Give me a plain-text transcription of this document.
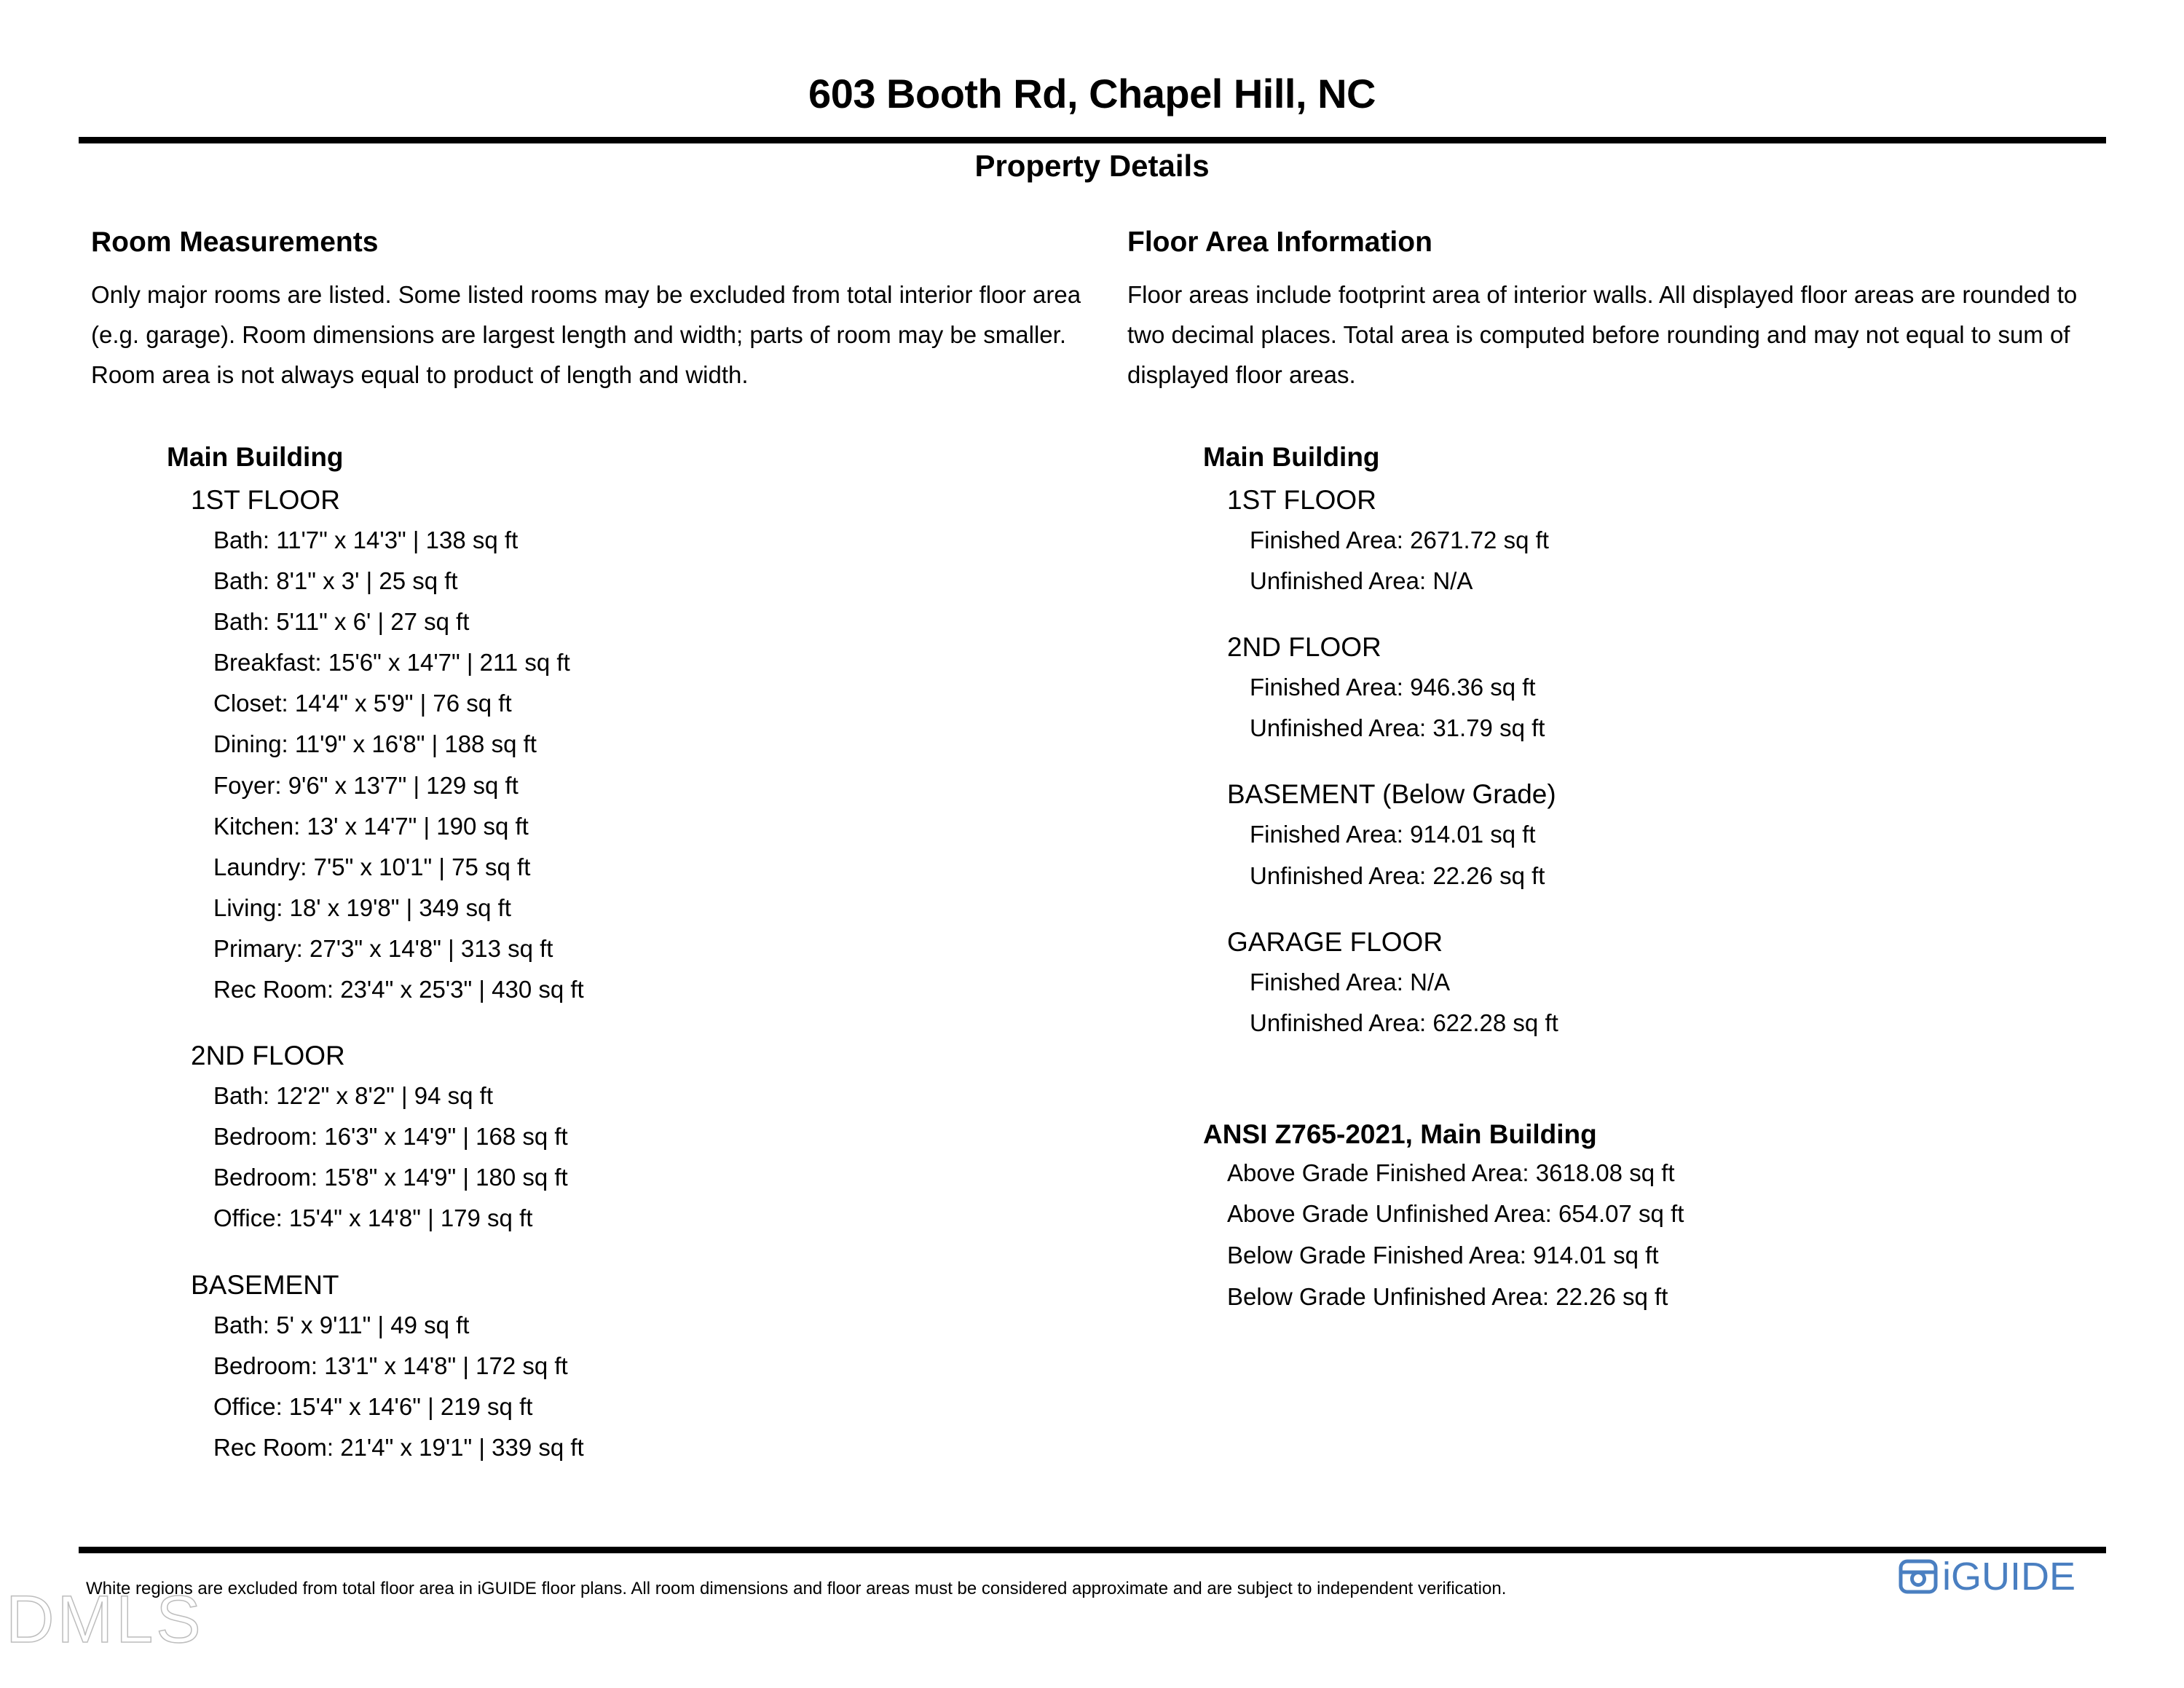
603 Booth Rd, Chapel Hill, NC
Property Details
Room Measurements

Only major rooms are listed. Some listed rooms may be excluded from total interior floor area (e.g. garage). Room dimensions are largest length and width; parts of room may be smaller. Room area is not always equal to product of length and width.

Main Building
1ST FLOOR
Bath: 11'7" x 14'3" | 138 sq ft
Bath: 8'1" x 3' | 25 sq ft
Bath: 5'11" x 6' | 27 sq ft
Breakfast: 15'6" x 14'7" | 211 sq ft
Closet: 14'4" x 5'9" | 76 sq ft
Dining: 11'9" x 16'8" | 188 sq ft
Foyer: 9'6" x 13'7" | 129 sq ft
Kitchen: 13' x 14'7" | 190 sq ft
Laundry: 7'5" x 10'1" | 75 sq ft
Living: 18' x 19'8" | 349 sq ft
Primary: 27'3" x 14'8" | 313 sq ft
Rec Room: 23'4" x 25'3" | 430 sq ft
2ND FLOOR
Bath: 12'2" x 8'2" | 94 sq ft
Bedroom: 16'3" x 14'9" | 168 sq ft
Bedroom: 15'8" x 14'9" | 180 sq ft
Office: 15'4" x 14'8" | 179 sq ft
BASEMENT
Bath: 5' x 9'11" | 49 sq ft
Bedroom: 13'1" x 14'8" | 172 sq ft
Office: 15'4" x 14'6" | 219 sq ft
Rec Room: 21'4" x 19'1" | 339 sq ft
Floor Area Information

Floor areas include footprint area of interior walls. All displayed floor areas are rounded to two decimal places. Total area is computed before rounding and may not equal to sum of displayed floor areas.

Main Building
1ST FLOOR
Finished Area: 2671.72 sq ft
Unfinished Area: N/A
2ND FLOOR
Finished Area: 946.36 sq ft
Unfinished Area: 31.79 sq ft
BASEMENT (Below Grade)
Finished Area: 914.01 sq ft
Unfinished Area: 22.26 sq ft
GARAGE FLOOR
Finished Area: N/A
Unfinished Area: 622.28 sq ft
ANSI Z765-2021, Main Building
Above Grade Finished Area: 3618.08 sq ft
Above Grade Unfinished Area: 654.07 sq ft
Below Grade Finished Area: 914.01 sq ft
Below Grade Unfinished Area: 22.26 sq ft
White regions are excluded from total floor area in iGUIDE floor plans. All room dimensions and floor areas must be considered approximate and are subject to independent verification.	iGUIDE
DMLS
